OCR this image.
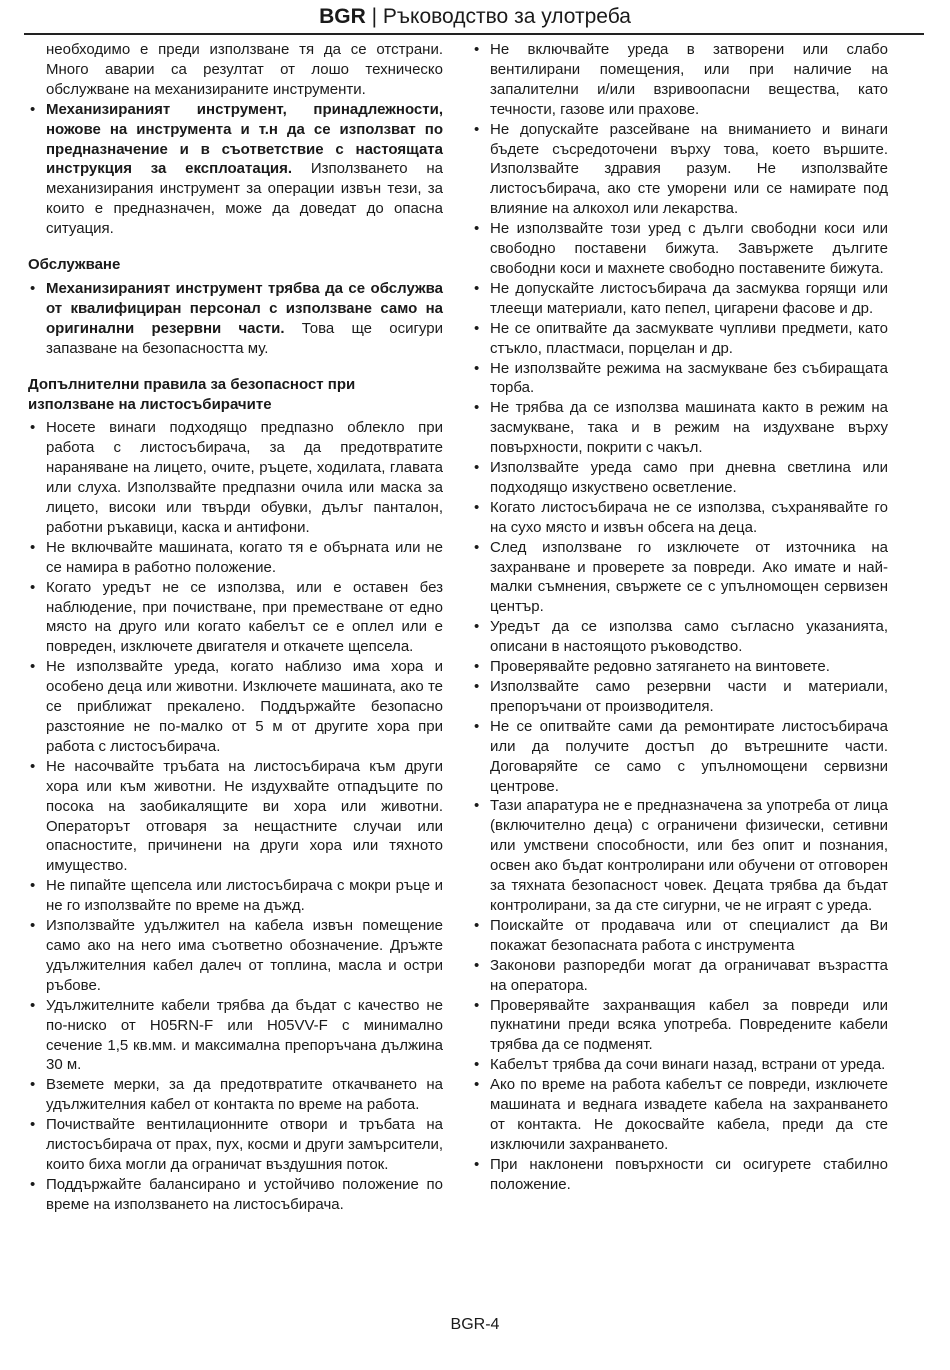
BGR | Ръководство за улотреба

необходимо е преди използване тя да се отстрани. Много аварии са резултат от лошо техническо обслужване на механизираните инструменти.

• Механизираният инструмент, принадлежности, ножове на инструмента и т.н да се използват по предназначение и в съответствие с настоящата инструкция за експлоатация. Използването на механизирания инструмент за операции извън тези, за които е предназначен, може да доведат до опасна ситуация.
Обслужване
• Механизираният инструмент трябва да се обслужва от квалифициран персонал с използване само на оригинални резервни части. Това ще осигури запазване на безопасността му.
Допълнителни правила за безопасност при използване на листосъбирачите
• Носете винаги подходящо предпазно облекло при работа с листосъбирача, за да предотвратите нараняване на лицето, очите, ръцете, ходилата, главата или слуха. Използвайте предпазни очила или маска за лицето, високи или твърди обувки, дълъг панталон, работни ръкавици, каска и антифони.
• Не включвайте машината, когато тя е обърната или не се намира в работно положение.
• Когато уредът не се използва, или е оставен без наблюдение, при почистване, при преместване от едно място на друго или когато кабелът се е оплел или е повреден, изключете двигателя и откачете щепсела.
• Не използвайте уреда, когато наблизо има хора и особено деца или животни. Изключете машината, ако те се приближат прекалено. Поддържайте безопасно разстояние не по-малко от 5 м от другите хора при работа с листосъбирача.
• Не насочвайте тръбата на листосъбирача към други хора или към животни. Не издухвайте отпадъците по посока на заобикалящите ви хора или животни. Операторът отговаря за нещастните случаи или опасностите, причинени на други хора или тяхното имущество.
• Не пипайте щепсела или листосъбирача с мокри ръце и не го използвайте по време на дъжд.
• Използвайте удължител на кабела извън помещение само ако на него има съответно обозначение. Дръжте удължителния кабел далеч от топлина, масла и остри ръбове.
• Удължителните кабели трябва да бъдат с качество не по-ниско от H05RN-F или H05VV-F с минимално сечение 1,5 кв.мм. и максимална препоръчана дължина 30 м.
• Вземете мерки, за да предотвратите откачването на удължителния кабел от контакта по време на работа.
• Почиствайте вентилационните отвори и тръбата на листосъбирача от прах, пух, косми и други замърсители, които биха могли да ограничат въздушния поток.
• Поддържайте балансирано и устойчиво положение по време на използването на листосъбирача.
• Не включвайте уреда в затворени или слабо вентилирани помещения, или при наличие на запалителни и/или взривоопасни вещества, като течности, газове или прахове.
• Не допускайте разсейване на вниманието и винаги бъдете съсредоточени върху това, което вършите. Използвайте здравия разум. Не използвайте листосъбирача, ако сте уморени или се намирате под влияние на алкохол или лекарства.
• Не използвайте този уред с дълги свободни коси или свободно поставени бижута. Завържете дългите свободни коси и махнете свободно поставените бижута.
• Не допускайте листосъбирача да засмуква горящи или тлеещи материали, като пепел, цигарени фасове и др.
• Не се опитвайте да засмуквате чупливи предмети, като стъкло, пластмаси, порцелан и др.
• Не използвайте режима на засмукване без събиращата торба.
• Не трябва да се използва машината както в режим на засмукване, така и в режим на издухване върху повърхности, покрити с чакъл.
• Използвайте уреда само при дневна светлина или подходящо изкуствено осветление.
• Когато листосъбирача не се използва, съхранявайте го на сухо място и извън обсега на деца.
• След използване го изключете от източника на захранване и проверете за повреди. Ако имате и най-малки съмнения, свържете се с упълномощен сервизен център.
• Уредът да се използва само съгласно указанията, описани в настоящото ръководство.
• Проверявайте редовно затягането на винтовете.
• Използвайте само резервни части и материали, препоръчани от производителя.
• Не се опитвайте сами да ремонтирате листосъбирача или да получите достъп до вътрешните части. Договаряйте се само с упълномощени сервизни центрове.
• Тази апаратура не е предназначена за употреба от лица (включително деца) с ограничени физически, сетивни или умствени способности, или без опит и познания, освен ако бъдат контролирани или обучени от отговорен за тяхната безопасност човек. Децата трябва да бъдат контролирани, за да сте сигурни, че не играят с уреда.
• Поискайте от продавача или от специалист да Ви покажат безопасната работа с инструмента
• Законови разпоредби могат да ограничават възрастта на оператора.
• Проверявайте захранващия кабел за повреди или пукнатини преди всяка употреба. Повредените кабели трябва да се подменят.
• Кабелът трябва да сочи винаги назад, встрани от уреда.
• Ако по време на работа кабелът се повреди, изключете машината и веднага извадете кабела на захранването от контакта. Не докосвайте кабела, преди да сте изключили захранването.
• При наклонени повърхности си осигурете стабилно положение.
BGR-4
